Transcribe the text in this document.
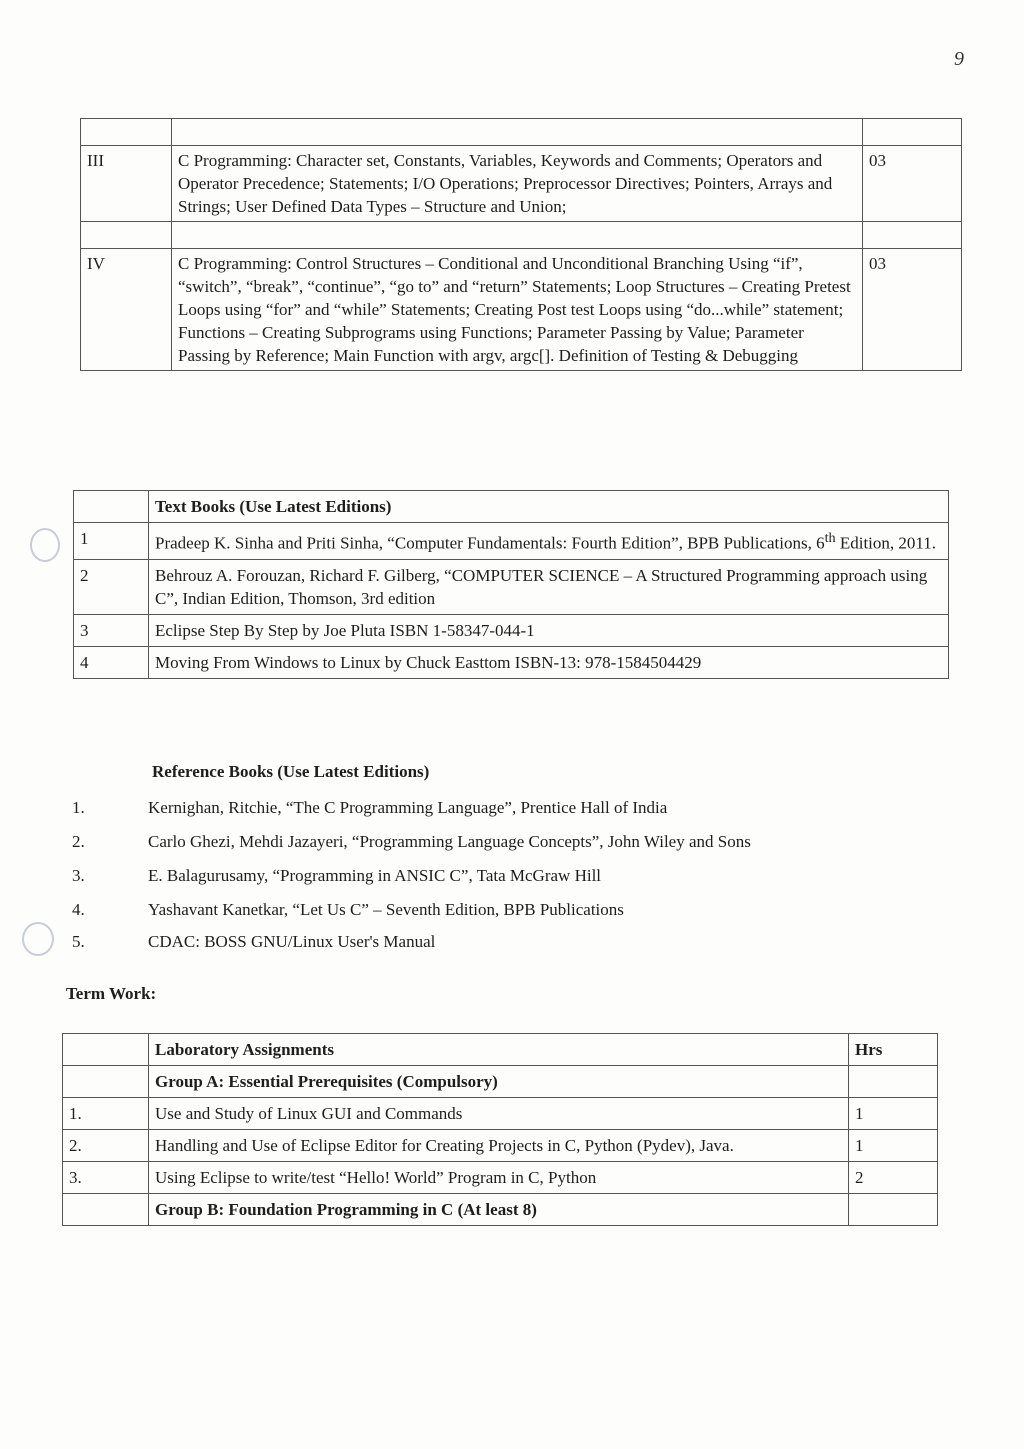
9

III	C Programming: Character set, Constants, Variables, Keywords and Comments; Operators and Operator Precedence; Statements; I/O Operations; Preprocessor Directives; Pointers, Arrays and Strings; User Defined Data Types – Structure and Union;	03

IV	C Programming: Control Structures – Conditional and Unconditional Branching Using “if”, “switch”, “break”, “continue”, “go to” and “return” Statements; Loop Structures – Creating Pretest Loops using “for” and “while” Statements; Creating Post test Loops using “do...while” statement; Functions – Creating Subprograms using Functions; Parameter Passing by Value; Parameter Passing by Reference; Main Function with argv, argc[]. Definition of Testing & Debugging	03
	Text Books (Use Latest Editions)
1	Pradeep K. Sinha and Priti Sinha, “Computer Fundamentals: Fourth Edition”, BPB Publications, 6th Edition, 2011.
2	Behrouz A. Forouzan, Richard F. Gilberg, “COMPUTER SCIENCE – A Structured Programming approach using C”, Indian Edition, Thomson, 3rd edition
3	Eclipse Step By Step by Joe Pluta ISBN 1-58347-044-1
4	Moving From Windows to Linux by Chuck Easttom ISBN-13: 978-1584504429
Reference Books (Use Latest Editions)
1.	Kernighan, Ritchie, “The C Programming Language”, Prentice Hall of India
2.	Carlo Ghezi, Mehdi Jazayeri, “Programming Language Concepts”, John Wiley and Sons
3.	E. Balagurusamy, “Programming in ANSIC C”, Tata McGraw Hill
4.	Yashavant Kanetkar, “Let Us C” – Seventh Edition, BPB Publications
5.	CDAC: BOSS GNU/Linux User's Manual
Term Work:
	Laboratory Assignments	Hrs
	Group A: Essential Prerequisites (Compulsory)	
1.	Use and Study of Linux GUI and Commands	1
2.	Handling and Use of Eclipse Editor for Creating Projects in C, Python (Pydev), Java.	1
3.	Using Eclipse to write/test “Hello! World” Program in C, Python	2
	Group B: Foundation Programming in C (At least 8)	
